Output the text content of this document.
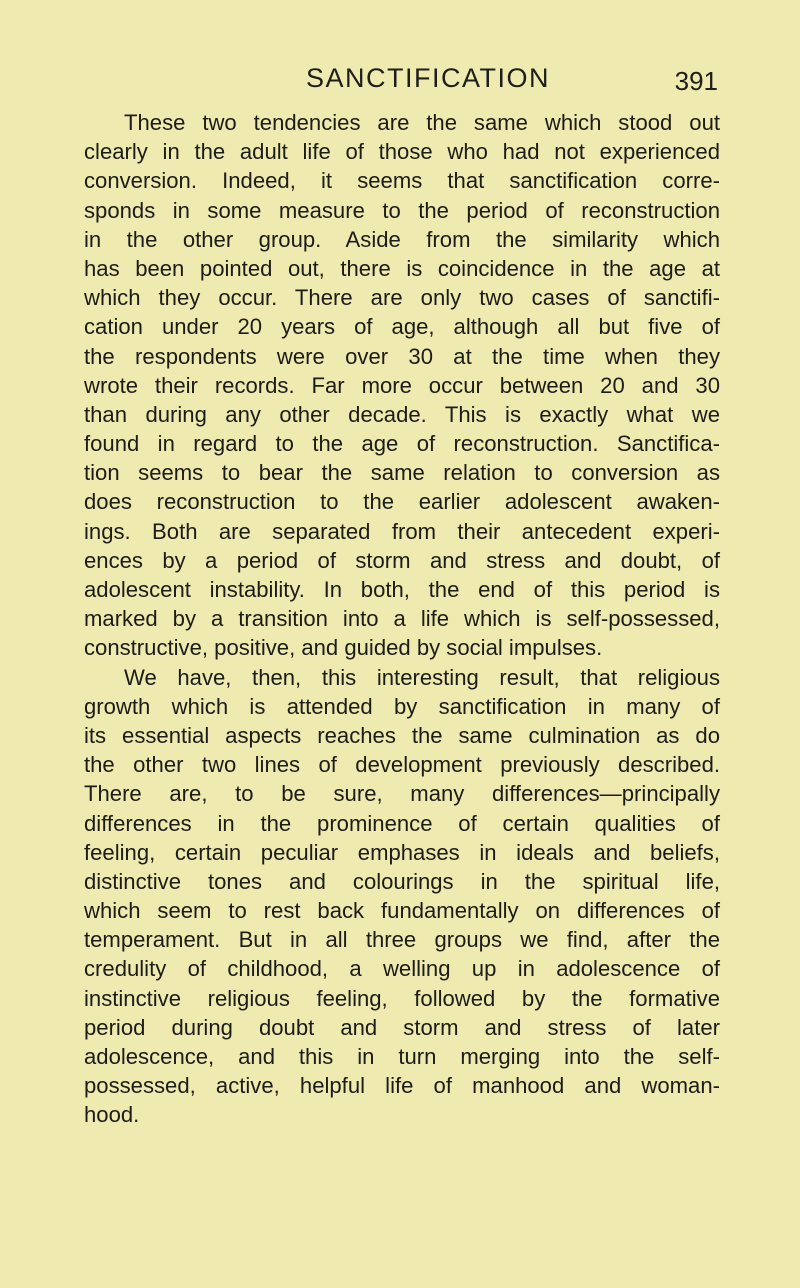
SANCTIFICATION	391
These two tendencies are the same which stood out
clearly in the adult life of those who had not experienced
conversion. Indeed, it seems that sanctification corre-
sponds in some measure to the period of reconstruction
in the other group. Aside from the similarity which
has been pointed out, there is coincidence in the age at
which they occur. There are only two cases of sanctifi-
cation under 20 years of age, although all but five of
the respondents were over 30 at the time when they
wrote their records. Far more occur between 20 and 30
than during any other decade. This is exactly what we
found in regard to the age of reconstruction. Sanctifica-
tion seems to bear the same relation to conversion as
does reconstruction to the earlier adolescent awaken-
ings. Both are separated from their antecedent experi-
ences by a period of storm and stress and doubt, of
adolescent instability. In both, the end of this period is
marked by a transition into a life which is self-possessed,
constructive, positive, and guided by social impulses.
We have, then, this interesting result, that religious
growth which is attended by sanctification in many of
its essential aspects reaches the same culmination as do
the other two lines of development previously described.
There are, to be sure, many differences—principally
differences in the prominence of certain qualities of
feeling, certain peculiar emphases in ideals and beliefs,
distinctive tones and colourings in the spiritual life,
which seem to rest back fundamentally on differences of
temperament. But in all three groups we find, after the
credulity of childhood, a welling up in adolescence of
instinctive religious feeling, followed by the formative
period during doubt and storm and stress of later
adolescence, and this in turn merging into the self-
possessed, active, helpful life of manhood and woman-
hood.
